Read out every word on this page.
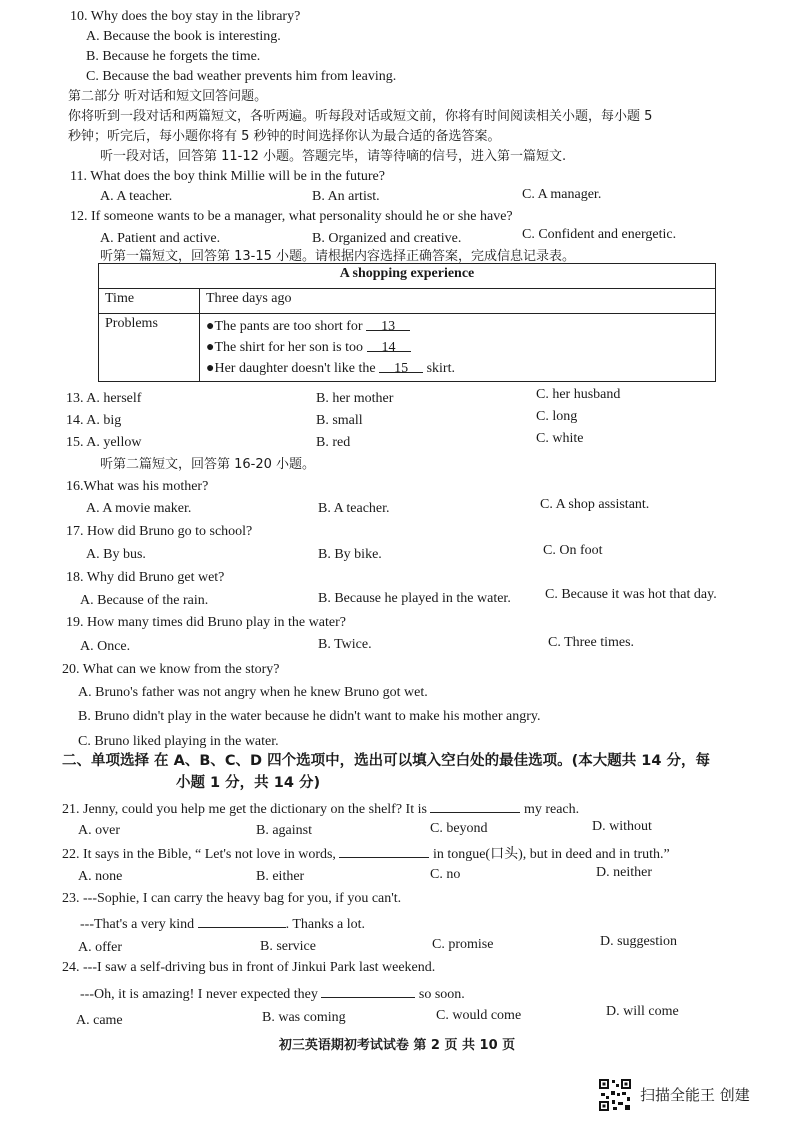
10. Why does the boy stay in the library?
A. Because the book is interesting.
B. Because he forgets the time.
C. Because the bad weather prevents him from leaving.
第二部分 听对话和短文回答问题。
你将听到一段对话和两篇短文，各听两遍。听每段对话或短文前，你将有时间阅读相关小题，每小题 5
秒钟；听完后，每小题你将有 5 秒钟的时间选择你认为最合适的备选答案。
听一段对话，回答第 11-12 小题。答题完毕，请等待嘀的信号，进入第一篇短文.
11. What does the boy think Millie will be in the future?
A. A teacher.	B. An artist.	C. A manager.
12. If someone wants to be a manager, what personality should he or she have?
A. Patient and active.	B. Organized and creative.	C. Confident and energetic.
听第一篇短文，回答第 13-15 小题。请根据内容选择正确答案，完成信息记录表。
A shopping experience	
Time	Three days ago
Problems	●The pants are too short for 13
●The shirt for her son is too 14
●Her daughter doesn't like the 15 skirt.
13. A. herself	B. her mother	C. her husband
14. A. big	B. small	C. long
15. A. yellow	B. red	C. white
听第二篇短文，回答第 16-20 小题。
16.What was his mother?
A. A movie maker.	B. A teacher.	C. A shop assistant.
17. How did Bruno go to school?
A. By bus.	B. By bike.	C. On foot
18. Why did Bruno get wet?
A. Because of the rain.	B. Because he played in the water. C. Because it was hot that day.
19. How many times did Bruno play in the water?
A. Once.	B. Twice.	C. Three times.
20. What can we know from the story?
A. Bruno's father was not angry when he knew Bruno got wet.
B. Bruno didn't play in the water because he didn't want to make his mother angry.
C. Bruno liked playing in the water.
二、单项选择 在 A、B、C、D 四个选项中，选出可以填入空白处的最佳选项。(本大题共 14 分，每
小题 1 分，共 14 分)
21. Jenny, could you help me get the dictionary on the shelf? It is	my reach.
A. over	B. against	C. beyond	D. without
22. It says in the Bible, “ Let's not love in words,	in tongue(口头), but in deed and in truth.”
A. none	B. either	C. no	D. neither
23. ---Sophie, I can carry the heavy bag for you, if you can't.
---That's a very kind	. Thanks a lot.
A. offer	B. service	C. promise	D. suggestion
24. ---I saw a self-driving bus in front of Jinkui Park last weekend.
---Oh, it is amazing! I never expected they	so soon.
A. came	B. was coming	C. would come	D. will come
初三英语期初考试试卷 第 2 页 共 10 页
扫描全能王 创建
